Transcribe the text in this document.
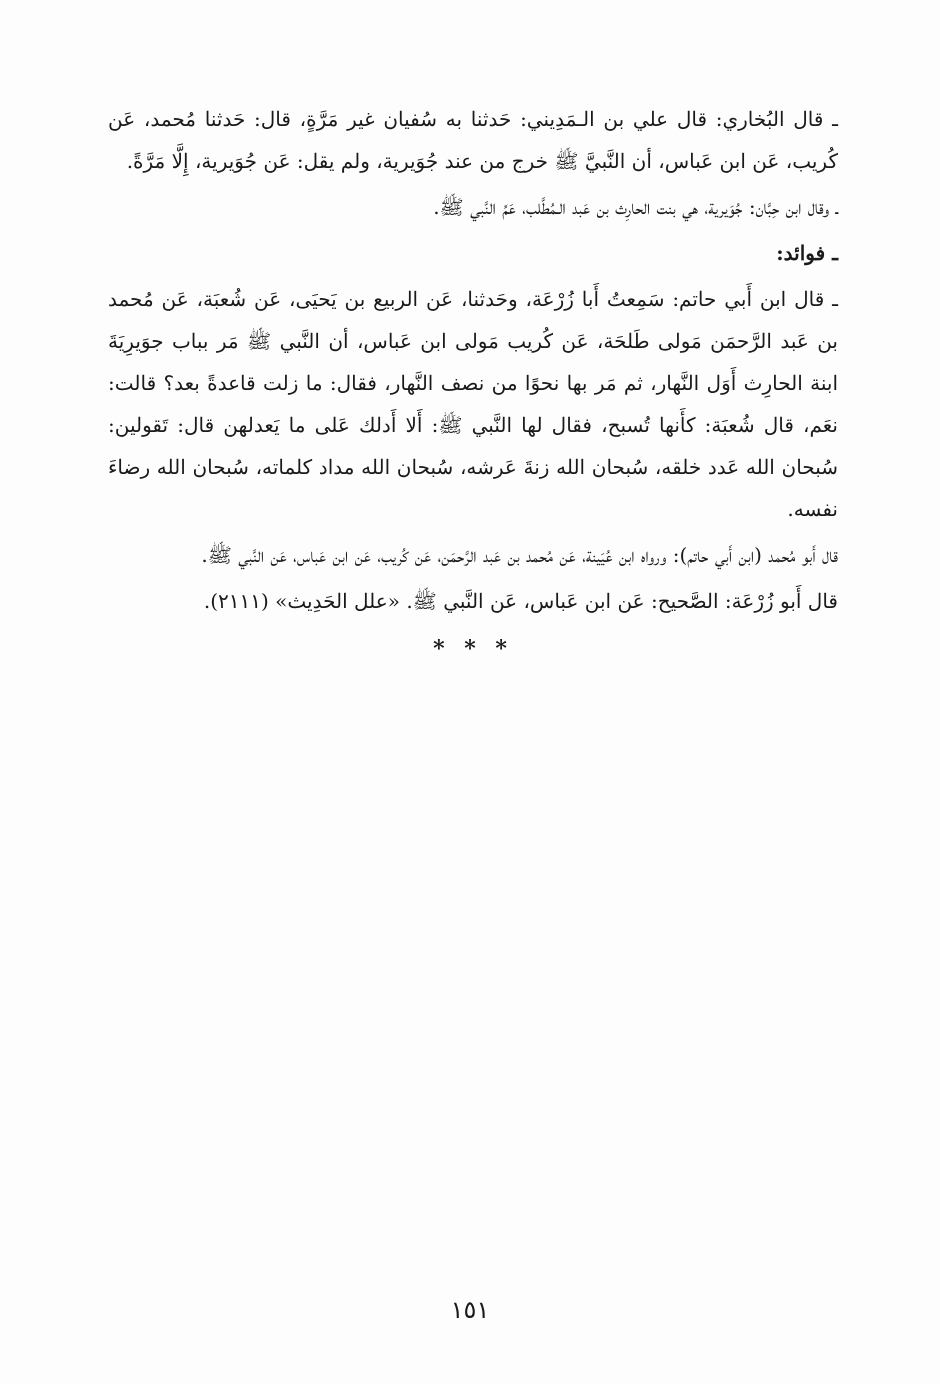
ـ قال البُخاري: قال علي بن الـمَدِيني: حَدثنا به سُفيان غير مَرَّةٍ، قال: حَدثنا مُحمد، عَن كُريب، عَن ابن عَباس، أن النَّبيَّ ﷺ خرج من عند جُوَيرية، ولم يقل: عَن جُوَيرية، إِلَّا مَرَّةً.

ـ وقال ابن حِبَّان: جُوَيرية، هي بنت الحارِث بن عَبد الـمُطَّلب، عَمِّ النَّبي ﷺ.

ـ فوائد:

ـ قال ابن أَبي حاتم: سَمِعتُ أَبا زُرْعَة، وحَدثنا، عَن الربيع بن يَحيَى، عَن شُعبَة، عَن مُحمد بن عَبد الرَّحمَن مَولى طَلحَة، عَن كُريب مَولى ابن عَباس، أن النَّبي ﷺ مَر بباب جوَيرِيَةَ ابنة الحارِث أَوَل النَّهار، ثم مَر بها نحوًا من نصف النَّهار، فقال: ما زلت قاعدةً بعد؟ قالت: نعَم، قال شُعبَة: كأَنها تُسبح، فقال لها النَّبي ﷺ: أَلا أَدلك عَلى ما يَعدلهن قال: تَقولين: سُبحان الله عَدد خلقه، سُبحان الله زنةَ عَرشه، سُبحان الله مداد كلماته، سُبحان الله رضاءَ نفسه.

قال أَبو مُحمد (ابن أَبي حاتم): ورواه ابن عُيَينة، عَن مُحمد بن عَبد الرَّحمَن، عَن كُريب، عَن ابن عَباس، عَن النَّبي ﷺ.

قال أَبو زُرْعَة: الصَّحيح: عَن ابن عَباس، عَن النَّبي ﷺ. «علل الحَدِيث» (٢١١١).

* * *
١٥١
